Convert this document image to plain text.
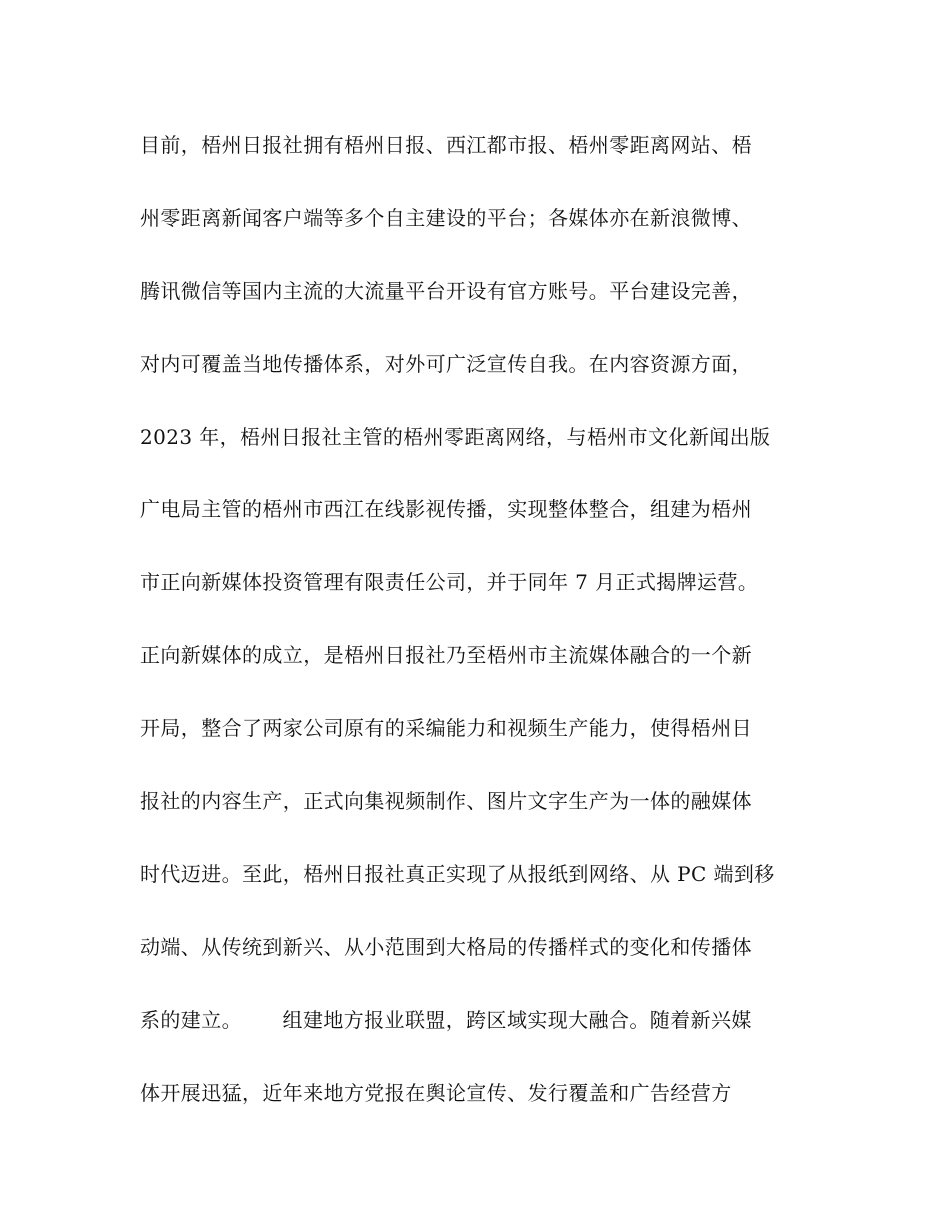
目前，梧州日报社拥有梧州日报、西江都市报、梧州零距离网站、梧
州零距离新闻客户端等多个自主建设的平台；各媒体亦在新浪微博、
腾讯微信等国内主流的大流量平台开设有官方账号。平台建设完善，
对内可覆盖当地传播体系，对外可广泛宣传自我。在内容资源方面，
2023 年，梧州日报社主管的梧州零距离网络，与梧州市文化新闻出版
广电局主管的梧州市西江在线影视传播，实现整体整合，组建为梧州
市正向新媒体投资管理有限责任公司，并于同年 7 月正式揭牌运营。
正向新媒体的成立，是梧州日报社乃至梧州市主流媒体融合的一个新
开局，整合了两家公司原有的采编能力和视频生产能力，使得梧州日
报社的内容生产，正式向集视频制作、图片文字生产为一体的融媒体
时代迈进。至此，梧州日报社真正实现了从报纸到网络、从 PC 端到移
动端、从传统到新兴、从小范围到大格局的传播样式的变化和传播体
系的建立。      组建地方报业联盟，跨区域实现大融合。随着新兴媒
体开展迅猛，近年来地方党报在舆论宣传、发行覆盖和广告经营方
